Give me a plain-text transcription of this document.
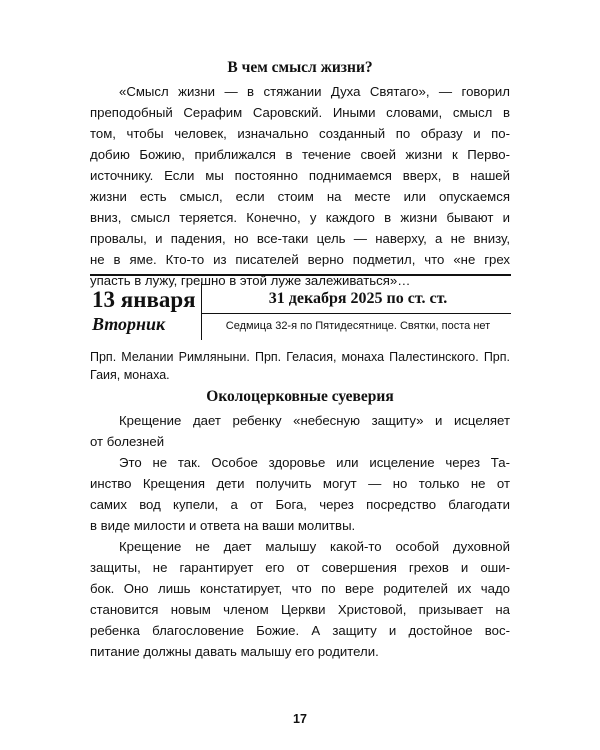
В чем смысл жизни?

«Смысл жизни — в стяжании Духа Святаго», — говорил
преподобный Серафим Саровский. Иными словами, смысл в
том, чтобы человек, изначально созданный по образу и по-
добию Божию, приближался в течение своей жизни к Перво-
источнику. Если мы постоянно поднимаемся вверх, в нашей
жизни есть смысл, если стоим на месте или опускаемся
вниз, смысл теряется. Конечно, у каждого в жизни бывают и
провалы, и падения, но все-таки цель — наверху, а не внизу,
не в яме. Кто-то из писателей верно подметил, что «не грех
упасть в лужу, грешно в этой луже залеживаться»…

13 января
Вторник
31 декабря 2025 по ст. ст.
Седмица 32-я по Пятидесятнице. Святки, поста нет

Прп. Мелании Римляныни. Прп. Геласия, монаха Палестинского. Прп.
Гаия, монаха.

Околоцерковные суеверия

Крещение дает ребенку «небесную защиту» и исцеляет
от болезней

Это не так. Особое здоровье или исцеление через Та-
инство Крещения дети получить могут — но только не от
самих вод купели, а от Бога, через посредство благодати
в виде милости и ответа на ваши молитвы.

Крещение не дает малышу какой-то особой духовной
защиты, не гарантирует его от совершения грехов и оши-
бок. Оно лишь констатирует, что по вере родителей их чадо
становится новым членом Церкви Христовой, призывает на
ребенка благословение Божие. А защиту и достойное вос-
питание должны давать малышу его родители.

17
